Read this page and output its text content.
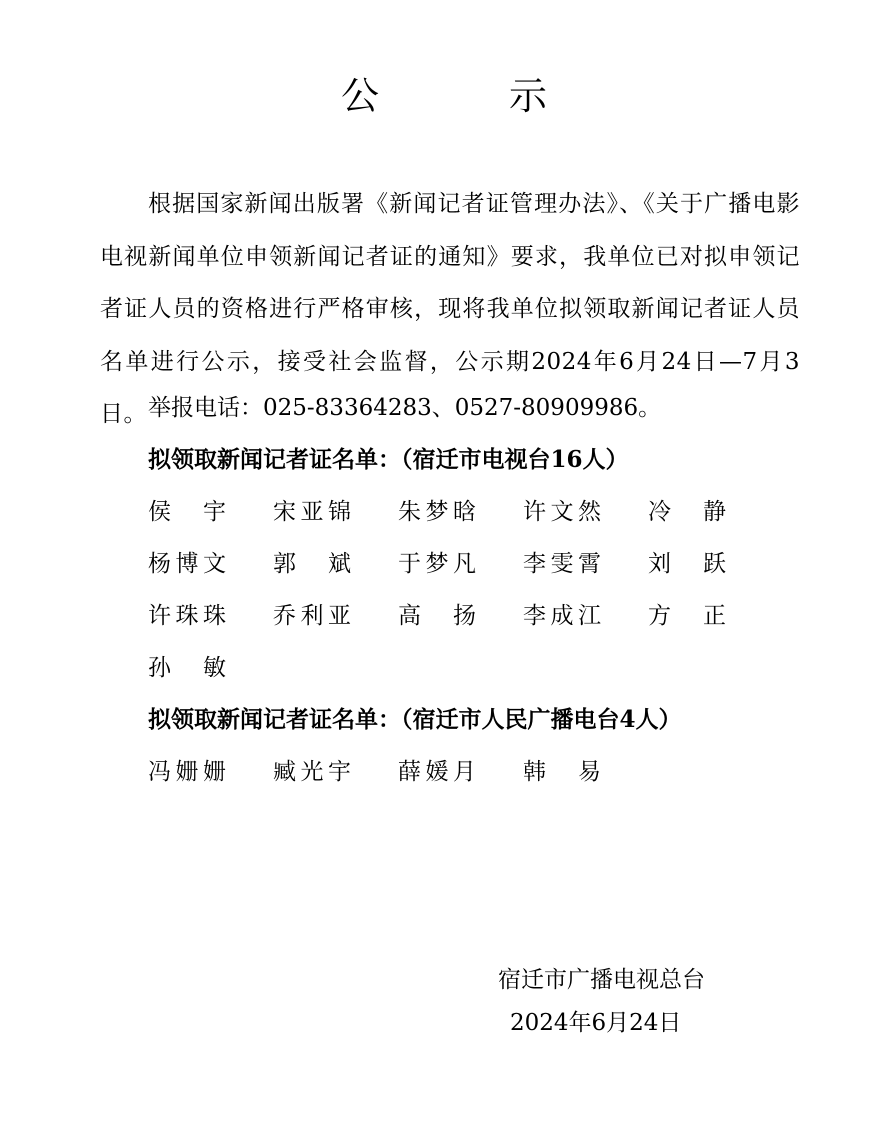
公　示
根据国家新闻出版署《新闻记者证管理办法》、《关于广播电影电视新闻单位申领新闻记者证的通知》要求，我单位已对拟申领记者证人员的资格进行严格审核，现将我单位拟领取新闻记者证人员名单进行公示，接受社会监督，公示期2024年6月24日—7月3日。 举报电话：025-83364283、0527-80909986。
拟领取新闻记者证名单：（宿迁市电视台16人）
侯宇 宋亚锦 朱梦晗 许文然 冷静
杨博文 郭斌 于梦凡 李雯霄 刘跃
许珠珠 乔利亚 高扬 李成江 方正
孙敏
拟领取新闻记者证名单：（宿迁市人民广播电台4人）
冯姗姗 臧光宇 薛媛月 韩易
宿迁市广播电视总台
2024年6月24日
